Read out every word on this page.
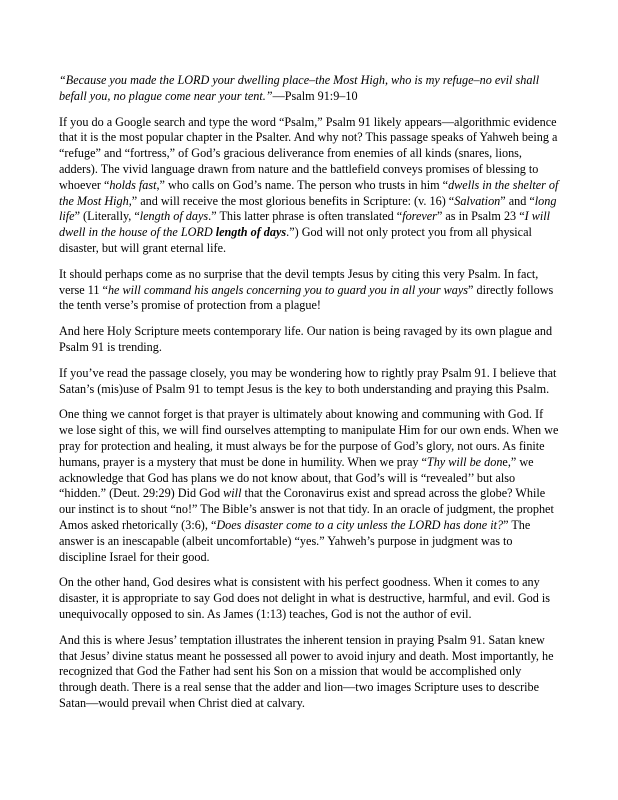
“Because you made the LORD your dwelling place–the Most High, who is my refuge–no evil shall befall you, no plague come near your tent.”—Psalm 91:9–10

If you do a Google search and type the word “Psalm,” Psalm 91 likely appears—algorithmic evidence that it is the most popular chapter in the Psalter. And why not? This passage speaks of Yahweh being a “refuge” and “fortress,” of God’s gracious deliverance from enemies of all kinds (snares, lions, adders). The vivid language drawn from nature and the battlefield conveys promises of blessing to whoever “holds fast,” who calls on God’s name. The person who trusts in him “dwells in the shelter of the Most High,” and will receive the most glorious benefits in Scripture: (v. 16) “Salvation” and “long life” (Literally, “length of days.” This latter phrase is often translated “forever” as in Psalm 23 “I will dwell in the house of the LORD length of days.”) God will not only protect you from all physical disaster, but will grant eternal life.

It should perhaps come as no surprise that the devil tempts Jesus by citing this very Psalm. In fact, verse 11 “he will command his angels concerning you to guard you in all your ways” directly follows the tenth verse’s promise of protection from a plague!

And here Holy Scripture meets contemporary life. Our nation is being ravaged by its own plague and Psalm 91 is trending.

If you’ve read the passage closely, you may be wondering how to rightly pray Psalm 91. I believe that Satan’s (mis)use of Psalm 91 to tempt Jesus is the key to both understanding and praying this Psalm.

One thing we cannot forget is that prayer is ultimately about knowing and communing with God. If we lose sight of this, we will find ourselves attempting to manipulate Him for our own ends. When we pray for protection and healing, it must always be for the purpose of God’s glory, not ours. As finite humans, prayer is a mystery that must be done in humility. When we pray “Thy will be done,” we acknowledge that God has plans we do not know about, that God’s will is “revealed’’ but also “hidden.” (Deut. 29:29) Did God will that the Coronavirus exist and spread across the globe? While our instinct is to shout “no!” The Bible’s answer is not that tidy. In an oracle of judgment, the prophet Amos asked rhetorically (3:6), “Does disaster come to a city unless the LORD has done it?” The answer is an inescapable (albeit uncomfortable) “yes.” Yahweh’s purpose in judgment was to discipline Israel for their good.

On the other hand, God desires what is consistent with his perfect goodness. When it comes to any disaster, it is appropriate to say God does not delight in what is destructive, harmful, and evil. God is unequivocally opposed to sin. As James (1:13) teaches, God is not the author of evil.

And this is where Jesus’ temptation illustrates the inherent tension in praying Psalm 91. Satan knew that Jesus’ divine status meant he possessed all power to avoid injury and death. Most importantly, he recognized that God the Father had sent his Son on a mission that would be accomplished only through death. There is a real sense that the adder and lion—two images Scripture uses to describe Satan—would prevail when Christ died at calvary.
